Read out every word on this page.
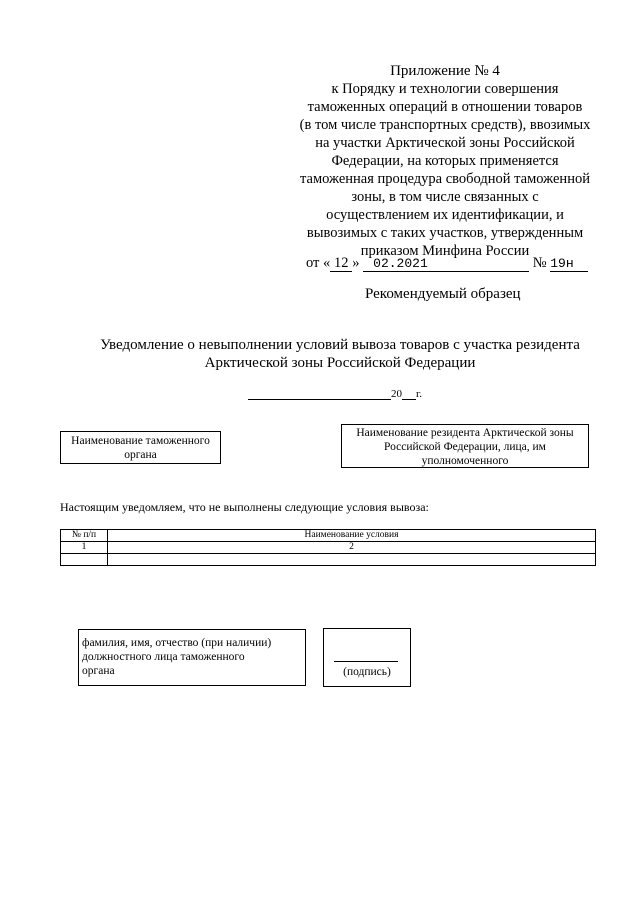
Приложение № 4
к Порядку и технологии совершения
таможенных операций в отношении товаров
(в том числе транспортных средств), ввозимых
на участки Арктической зоны Российской
Федерации, на которых применяется
таможенная процедура свободной таможенной
зоны, в том числе связанных с
осуществлением их идентификации, и
вывозимых с таких участков, утвержденным
приказом Минфина России
от « 12 » 02.2021	№ 19н
Рекомендуемый образец
Уведомление о невыполнении условий вывоза товаров с участка резидента
Арктической зоны Российской Федерации
20 г.
Наименование таможенного
органа
Наименование резидента Арктической зоны
Российской Федерации, лица, им
уполномоченного
Настоящим уведомляем, что не выполнены следующие условия вывоза:
№ п/п	Наименование условия
1	2

фамилия, имя, отчество (при наличии)
должностного лица таможенного
органа	(подпись)
